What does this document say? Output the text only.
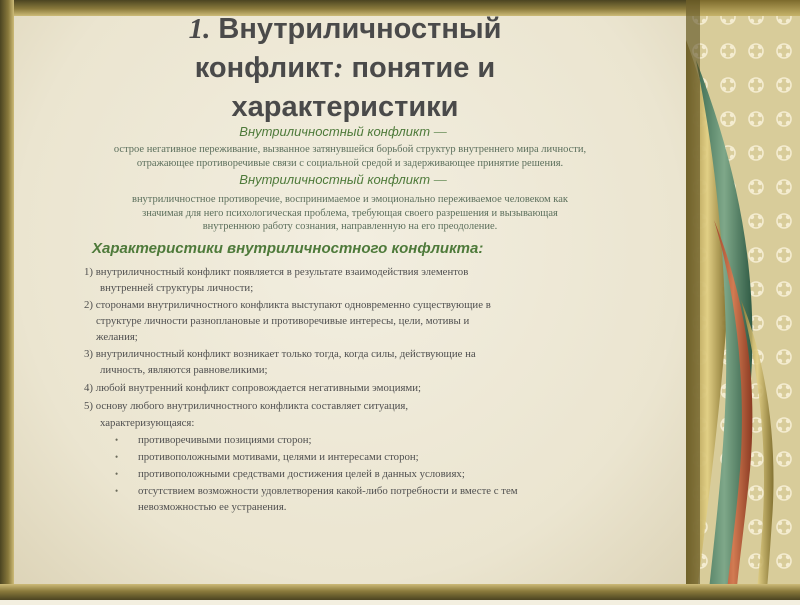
1. Внутриличностный
конфликт: понятие и
характеристики
Внутриличностный конфликт —
острое негативное переживание, вызванное затянувшейся борьбой структур внутреннего мира личности,
отражающее противоречивые связи с социальной средой и задерживающее принятие решения.
Внутриличностный конфликт —
внутриличностное противоречие, воспринимаемое и эмоционально переживаемое человеком как
значимая для него психологическая проблема, требующая своего разрешения и вызывающая
внутреннюю работу сознания, направленную на его преодоление.
Характеристики внутриличностного конфликта:
1) внутриличностный конфликт появляется в результате взаимодействия элементов
внутренней структуры личности;
2) сторонами внутриличностного конфликта выступают одновременно существующие в
структуре личности разноплановые и противоречивые интересы, цели, мотивы и
желания;
3) внутриличностный конфликт возникает только тогда, когда силы, действующие на
личность, являются равновеликими;
4) любой внутренний конфликт сопровождается негативными эмоциями;
5) основу любого внутриличностного конфликта составляет ситуация,
характеризующаяся:
• противоречивыми позициями сторон;
• противоположными мотивами, целями и интересами сторон;
• противоположными средствами достижения целей в данных условиях;
• отсутствием возможности удовлетворения какой-либо потребности и вместе с тем
невозможностью ее устранения.
